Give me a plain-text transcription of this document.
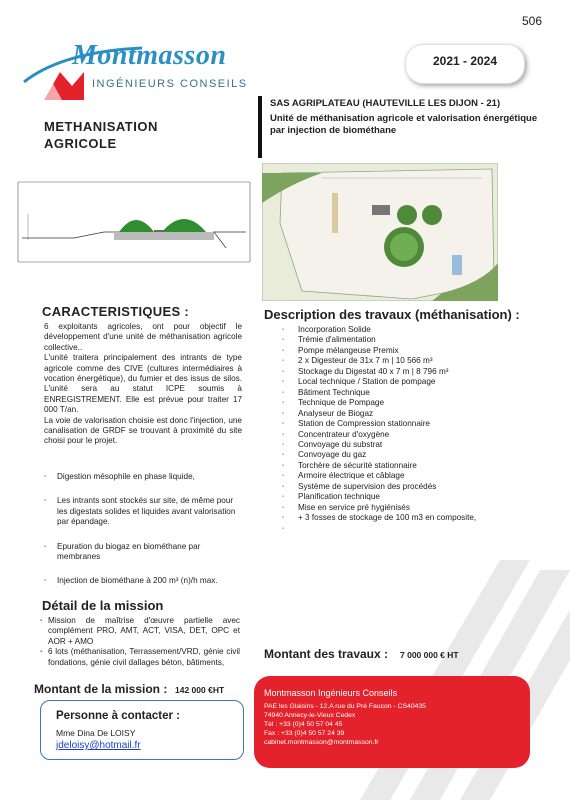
506
Montmasson
INGÉNIEURS CONSEILS
2021 - 2024
METHANISATION
AGRICOLE
SAS AGRIPLATEAU (HAUTEVILLE LES DIJON - 21)
Unité de méthanisation agricole et valorisation énergétique par injection de biométhane
CARACTERISTIQUES :
6 exploitants agricoles, ont pour objectif le développement d'une unité de méthanisation agricole collective..
L'unité traitera principalement des intrants de type agricole comme des CIVE (cultures intermédiaires à vocation énergétique), du fumier et des issus de silos. L'unité sera au statut ICPE soumis à ENREGISTREMENT. Elle est prévue pour traiter 17 000 T/an.
La voie de valorisation choisie est donc l'injection, une canalisation de GRDF se trouvant à proximité du site choisi pour le projet.
▪ Digestion mésophile en phase liquide,
▪ Les intrants sont stockés sur site, de même pour les digestats solides et liquides avant valorisation par épandage.
▪ Epuration du biogaz en biométhane par membranes
▪ Injection de biométhane à 200 m³ (n)/h max.
Description des travaux (méthanisation) :
▪ Incorporation Solide
▪ Trémie d'alimentation
▪ Pompe mélangeuse Premix
▪ 2 x Digesteur de 31x 7 m | 10 566 m³
▪ Stockage du Digestat 40 x 7 m | 8 796 m³
▪ Local technique / Station de pompage
▪ Bâtiment Technique
▪ Technique de Pompage
▪ Analyseur de Biogaz
▪ Station de Compression stationnaire
▪ Concentrateur d'oxygène
▪ Convoyage du substrat
▪ Convoyage du gaz
▪ Torchère de sécurité stationnaire
▪ Armoire électrique et câblage
▪ Système de supervision des procédés
▪ Planification technique
▪ Mise en service pré hygiénisés
▪ + 3 fosses de stockage de 100 m3 en composite,
▪
Détail de la mission
▪ Mission de maîtrise d'œuvre partielle avec complément PRO, AMT, ACT, VISA, DET, OPC et AOR + AMO
▪ 6 lots (méthanisation, Terrassement/VRD, génie civil fondations, génie civil dallages béton, bâtiments,
Montant des travaux : 7 000 000 € HT
Montant de la mission : 142 000 €HT
Personne à contacter :
Mme Dina De LOISY
jdeloisy@hotmail.fr
Montmasson Ingénieurs Conseils
PAE les Glaisins - 12.A rue du Pré Faucon - CS40435
74940 Annecy-le-Vieux Cedex
Tél : +33 (0)4 50 57 04 45
Fax : +33 (0)4 50 57 24 39
cabinet.montmasson@montmasson.fr
